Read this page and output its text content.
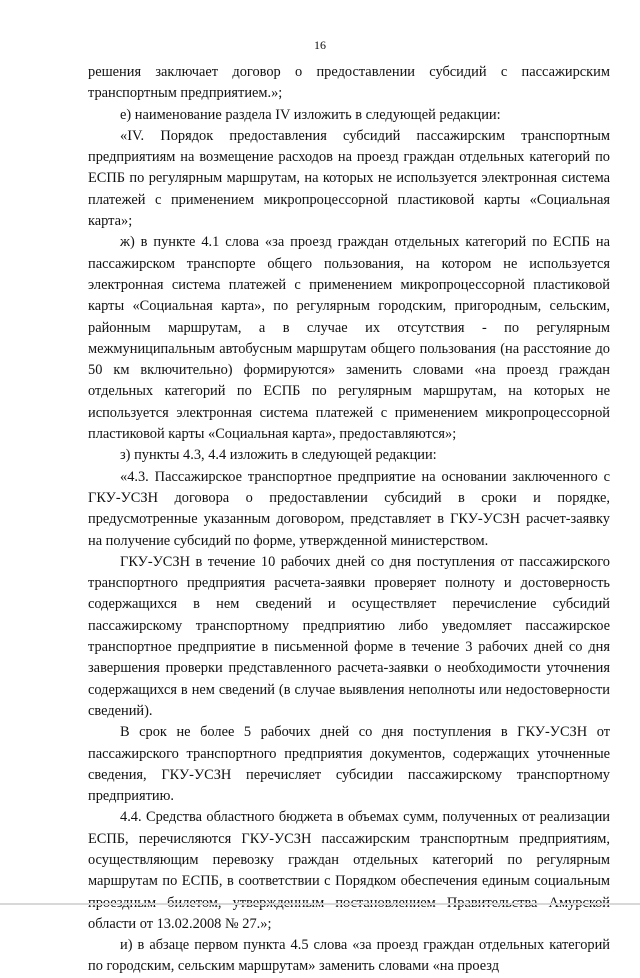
16

решения заключает договор о предоставлении субсидий с пассажирским транспортным предприятием.»;

е) наименование раздела IV изложить в следующей редакции:

«IV. Порядок предоставления субсидий пассажирским транспортным предприятиям на возмещение расходов на проезд граждан отдельных категорий по ЕСПБ по регулярным маршрутам, на которых не используется электронная система платежей с применением микропроцессорной пластиковой карты «Социальная карта»;

ж) в пункте 4.1 слова «за проезд граждан отдельных категорий по ЕСПБ на пассажирском транспорте общего пользования, на котором не используется электронная система платежей с применением микропроцессорной пластиковой карты «Социальная карта», по регулярным городским, пригородным, сельским, районным маршрутам, а в случае их отсутствия - по регулярным межмуниципальным автобусным маршрутам общего пользования (на расстояние до 50 км включительно) формируются» заменить словами «на проезд граждан отдельных категорий по ЕСПБ по регулярным маршрутам, на которых не используется электронная система платежей с применением микропроцессорной пластиковой карты «Социальная карта», предоставляются»;

з) пункты 4.3, 4.4 изложить в следующей редакции:

«4.3. Пассажирское транспортное предприятие на основании заключенного с ГКУ-УСЗН договора о предоставлении субсидий в сроки и порядке, предусмотренные указанным договором, представляет в ГКУ-УСЗН расчет-заявку на получение субсидий по форме, утвержденной министерством.

ГКУ-УСЗН в течение 10 рабочих дней со дня поступления от пассажирского транспортного предприятия расчета-заявки проверяет полноту и достоверность содержащихся в нем сведений и осуществляет перечисление субсидий пассажирскому транспортному предприятию либо уведомляет пассажирское транспортное предприятие в письменной форме в течение 3 рабочих дней со дня завершения проверки представленного расчета-заявки о необходимости уточнения содержащихся в нем сведений (в случае выявления неполноты или недостоверности сведений).

В срок не более 5 рабочих дней со дня поступления в ГКУ-УСЗН от пассажирского транспортного предприятия документов, содержащих уточненные сведения, ГКУ-УСЗН перечисляет субсидии пассажирскому транспортному предприятию.

4.4. Средства областного бюджета в объемах сумм, полученных от реализации ЕСПБ, перечисляются ГКУ-УСЗН пассажирским транспортным предприятиям, осуществляющим перевозку граждан отдельных категорий по регулярным маршрутам по ЕСПБ, в соответствии с Порядком обеспечения единым социальным области от 13.02.2008 № 27.»;

и) в абзаце первом пункта 4.5 слова «за проезд граждан отдельных категорий по городским, сельским маршрутам» заменить словами «на проезд
